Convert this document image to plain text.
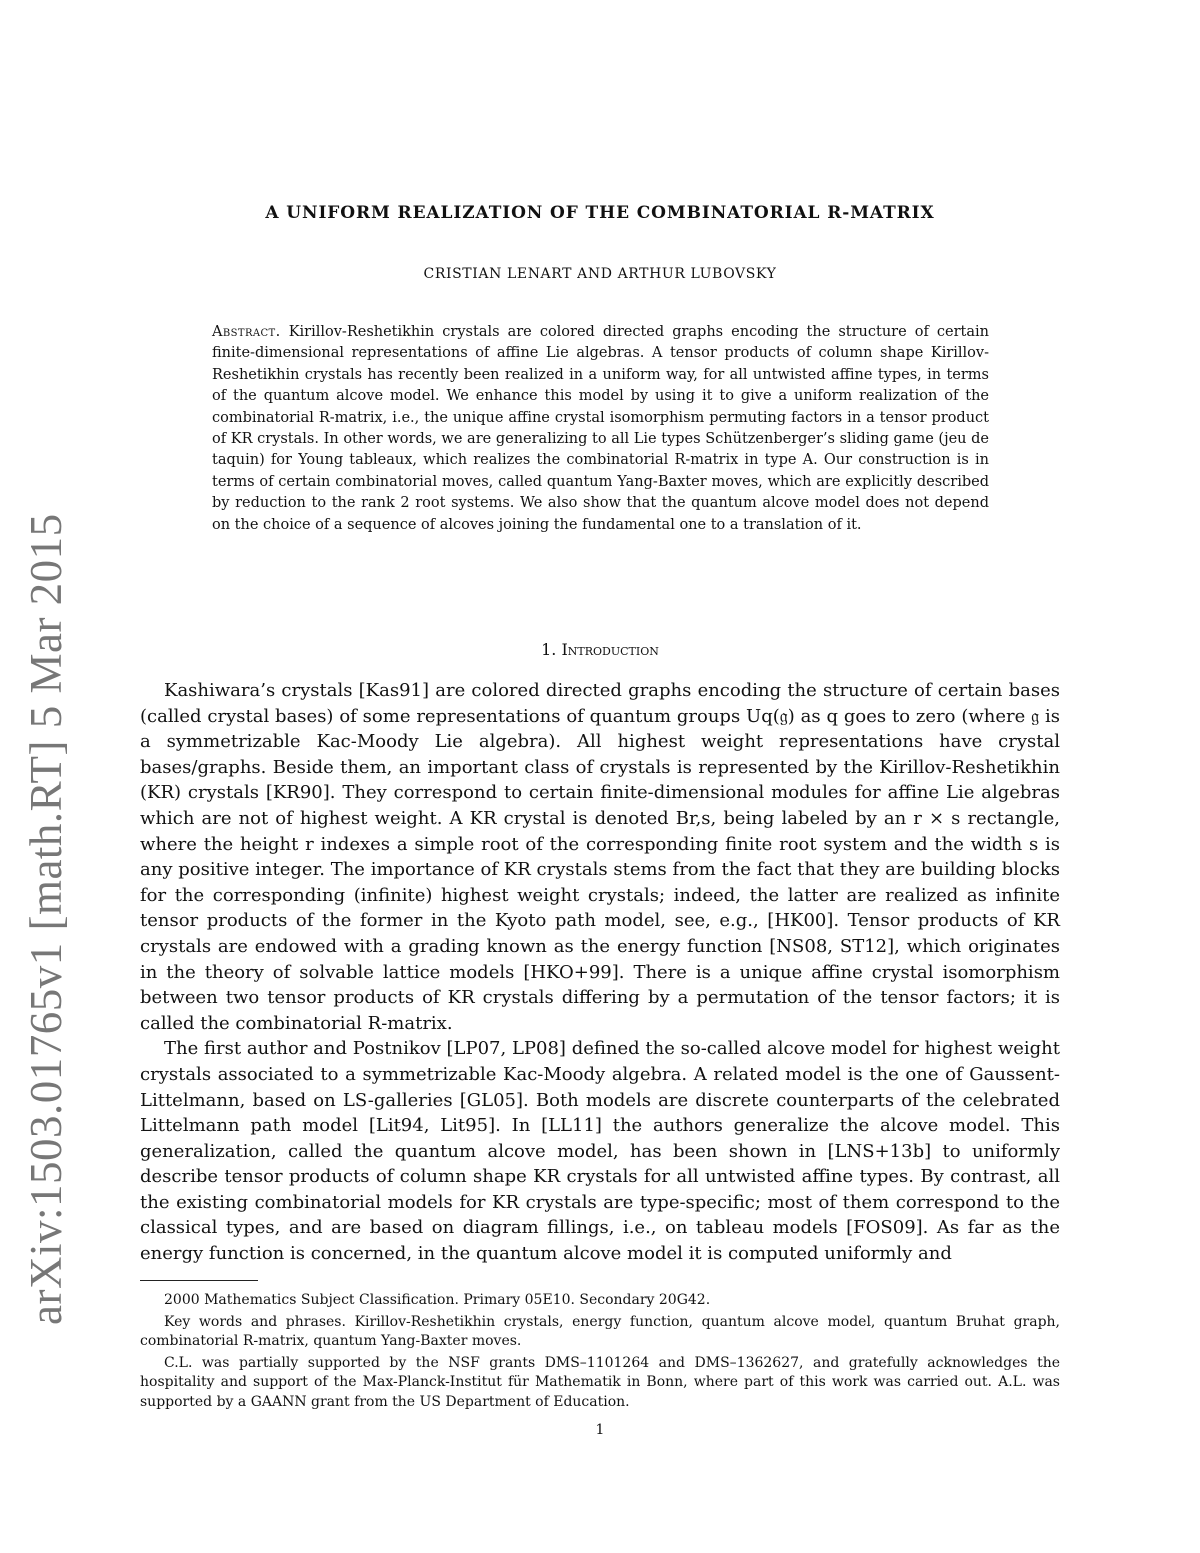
arXiv:1503.01765v1 [math.RT] 5 Mar 2015
A UNIFORM REALIZATION OF THE COMBINATORIAL R-MATRIX
CRISTIAN LENART AND ARTHUR LUBOVSKY
Abstract. Kirillov-Reshetikhin crystals are colored directed graphs encoding the structure of certain finite-dimensional representations of affine Lie algebras. A tensor products of column shape Kirillov-Reshetikhin crystals has recently been realized in a uniform way, for all untwisted affine types, in terms of the quantum alcove model. We enhance this model by using it to give a uniform realization of the combinatorial R-matrix, i.e., the unique affine crystal isomorphism permuting factors in a tensor product of KR crystals. In other words, we are generalizing to all Lie types Schützenberger’s sliding game (jeu de taquin) for Young tableaux, which realizes the combinatorial R-matrix in type A. Our construction is in terms of certain combinatorial moves, called quantum Yang-Baxter moves, which are explicitly described by reduction to the rank 2 root systems. We also show that the quantum alcove model does not depend on the choice of a sequence of alcoves joining the fundamental one to a translation of it.
1. Introduction

Kashiwara’s crystals [Kas91] are colored directed graphs encoding the structure of certain bases (called crystal bases) of some representations of quantum groups Uq(𝔤) as q goes to zero (where 𝔤 is a symmetrizable Kac-Moody Lie algebra). All highest weight representations have crystal bases/graphs. Beside them, an important class of crystals is represented by the Kirillov-Reshetikhin (KR) crystals [KR90]. They correspond to certain finite-dimensional modules for affine Lie algebras which are not of highest weight. A KR crystal is denoted Br,s, being labeled by an r × s rectangle, where the height r indexes a simple root of the corresponding finite root system and the width s is any positive integer. The importance of KR crystals stems from the fact that they are building blocks for the corresponding (infinite) highest weight crystals; indeed, the latter are realized as infinite tensor products of the former in the Kyoto path model, see, e.g., [HK00]. Tensor products of KR crystals are endowed with a grading known as the energy function [NS08, ST12], which originates in the theory of solvable lattice models [HKO+99]. There is a unique affine crystal isomorphism between two tensor products of KR crystals differing by a permutation of the tensor factors; it is called the combinatorial R-matrix.

The first author and Postnikov [LP07, LP08] defined the so-called alcove model for highest weight crystals associated to a symmetrizable Kac-Moody algebra. A related model is the one of Gaussent-Littelmann, based on LS-galleries [GL05]. Both models are discrete counterparts of the celebrated Littelmann path model [Lit94, Lit95]. In [LL11] the authors generalize the alcove model. This generalization, called the quantum alcove model, has been shown in [LNS+13b] to uniformly describe tensor products of column shape KR crystals for all untwisted affine types. By contrast, all the existing combinatorial models for KR crystals are type-specific; most of them correspond to the classical types, and are based on diagram fillings, i.e., on tableau models [FOS09]. As far as the energy function is concerned, in the quantum alcove model it is computed uniformly and

2000 Mathematics Subject Classification. Primary 05E10. Secondary 20G42.

Key words and phrases. Kirillov-Reshetikhin crystals, energy function, quantum alcove model, quantum Bruhat graph, combinatorial R-matrix, quantum Yang-Baxter moves.

C.L. was partially supported by the NSF grants DMS–1101264 and DMS–1362627, and gratefully acknowledges the hospitality and support of the Max-Planck-Institut für Mathematik in Bonn, where part of this work was carried out. A.L. was supported by a GAANN grant from the US Department of Education.

1
